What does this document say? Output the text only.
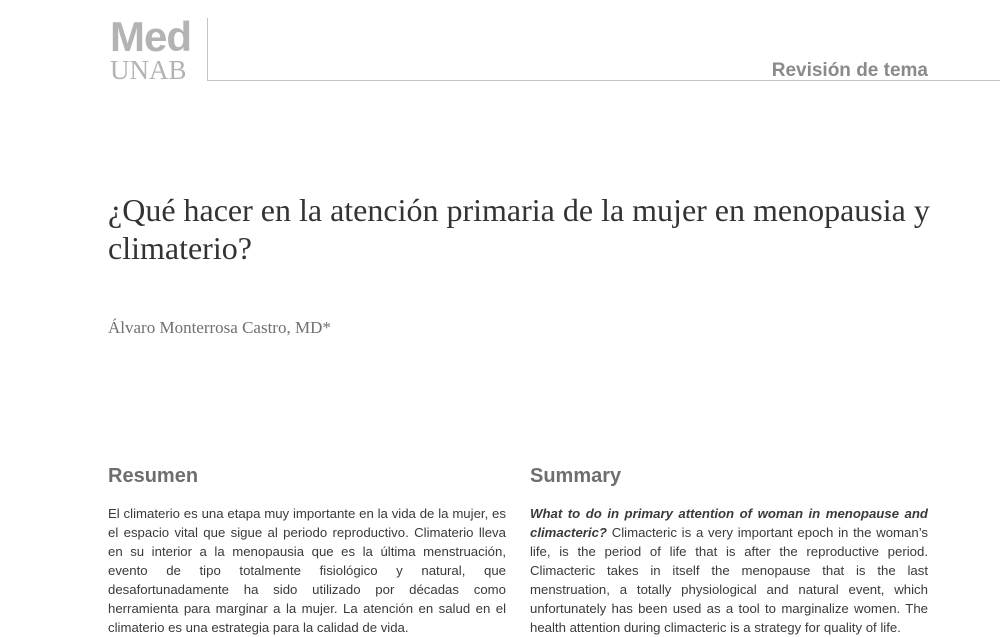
Med
UNAB	Revisión de tema
¿Qué hacer en la atención primaria de la mujer en menopausia y climaterio?
Álvaro Monterrosa Castro, MD*
Resumen

El climaterio es una etapa muy importante en la vida de la mujer, es el espacio vital que sigue al periodo reproductivo. Climaterio lleva en su interior a la menopausia que es la última menstruación, evento de tipo totalmente fisiológico y natural, que desafortunadamente ha sido utilizado por décadas como herramienta para marginar a la mujer. La atención en salud en el climaterio es una estrategia para la calidad de vida.

Summary

What to do in primary attention of woman in menopause and climacteric? Climacteric is a very important epoch in the woman’s life, is the period of life that is after the reproductive period. Climacteric takes in itself the menopause that is the last menstruation, a totally physiological and natural event, which unfortunately has been used as a tool to marginalize women. The health attention during climacteric is a strategy for quality of life.
